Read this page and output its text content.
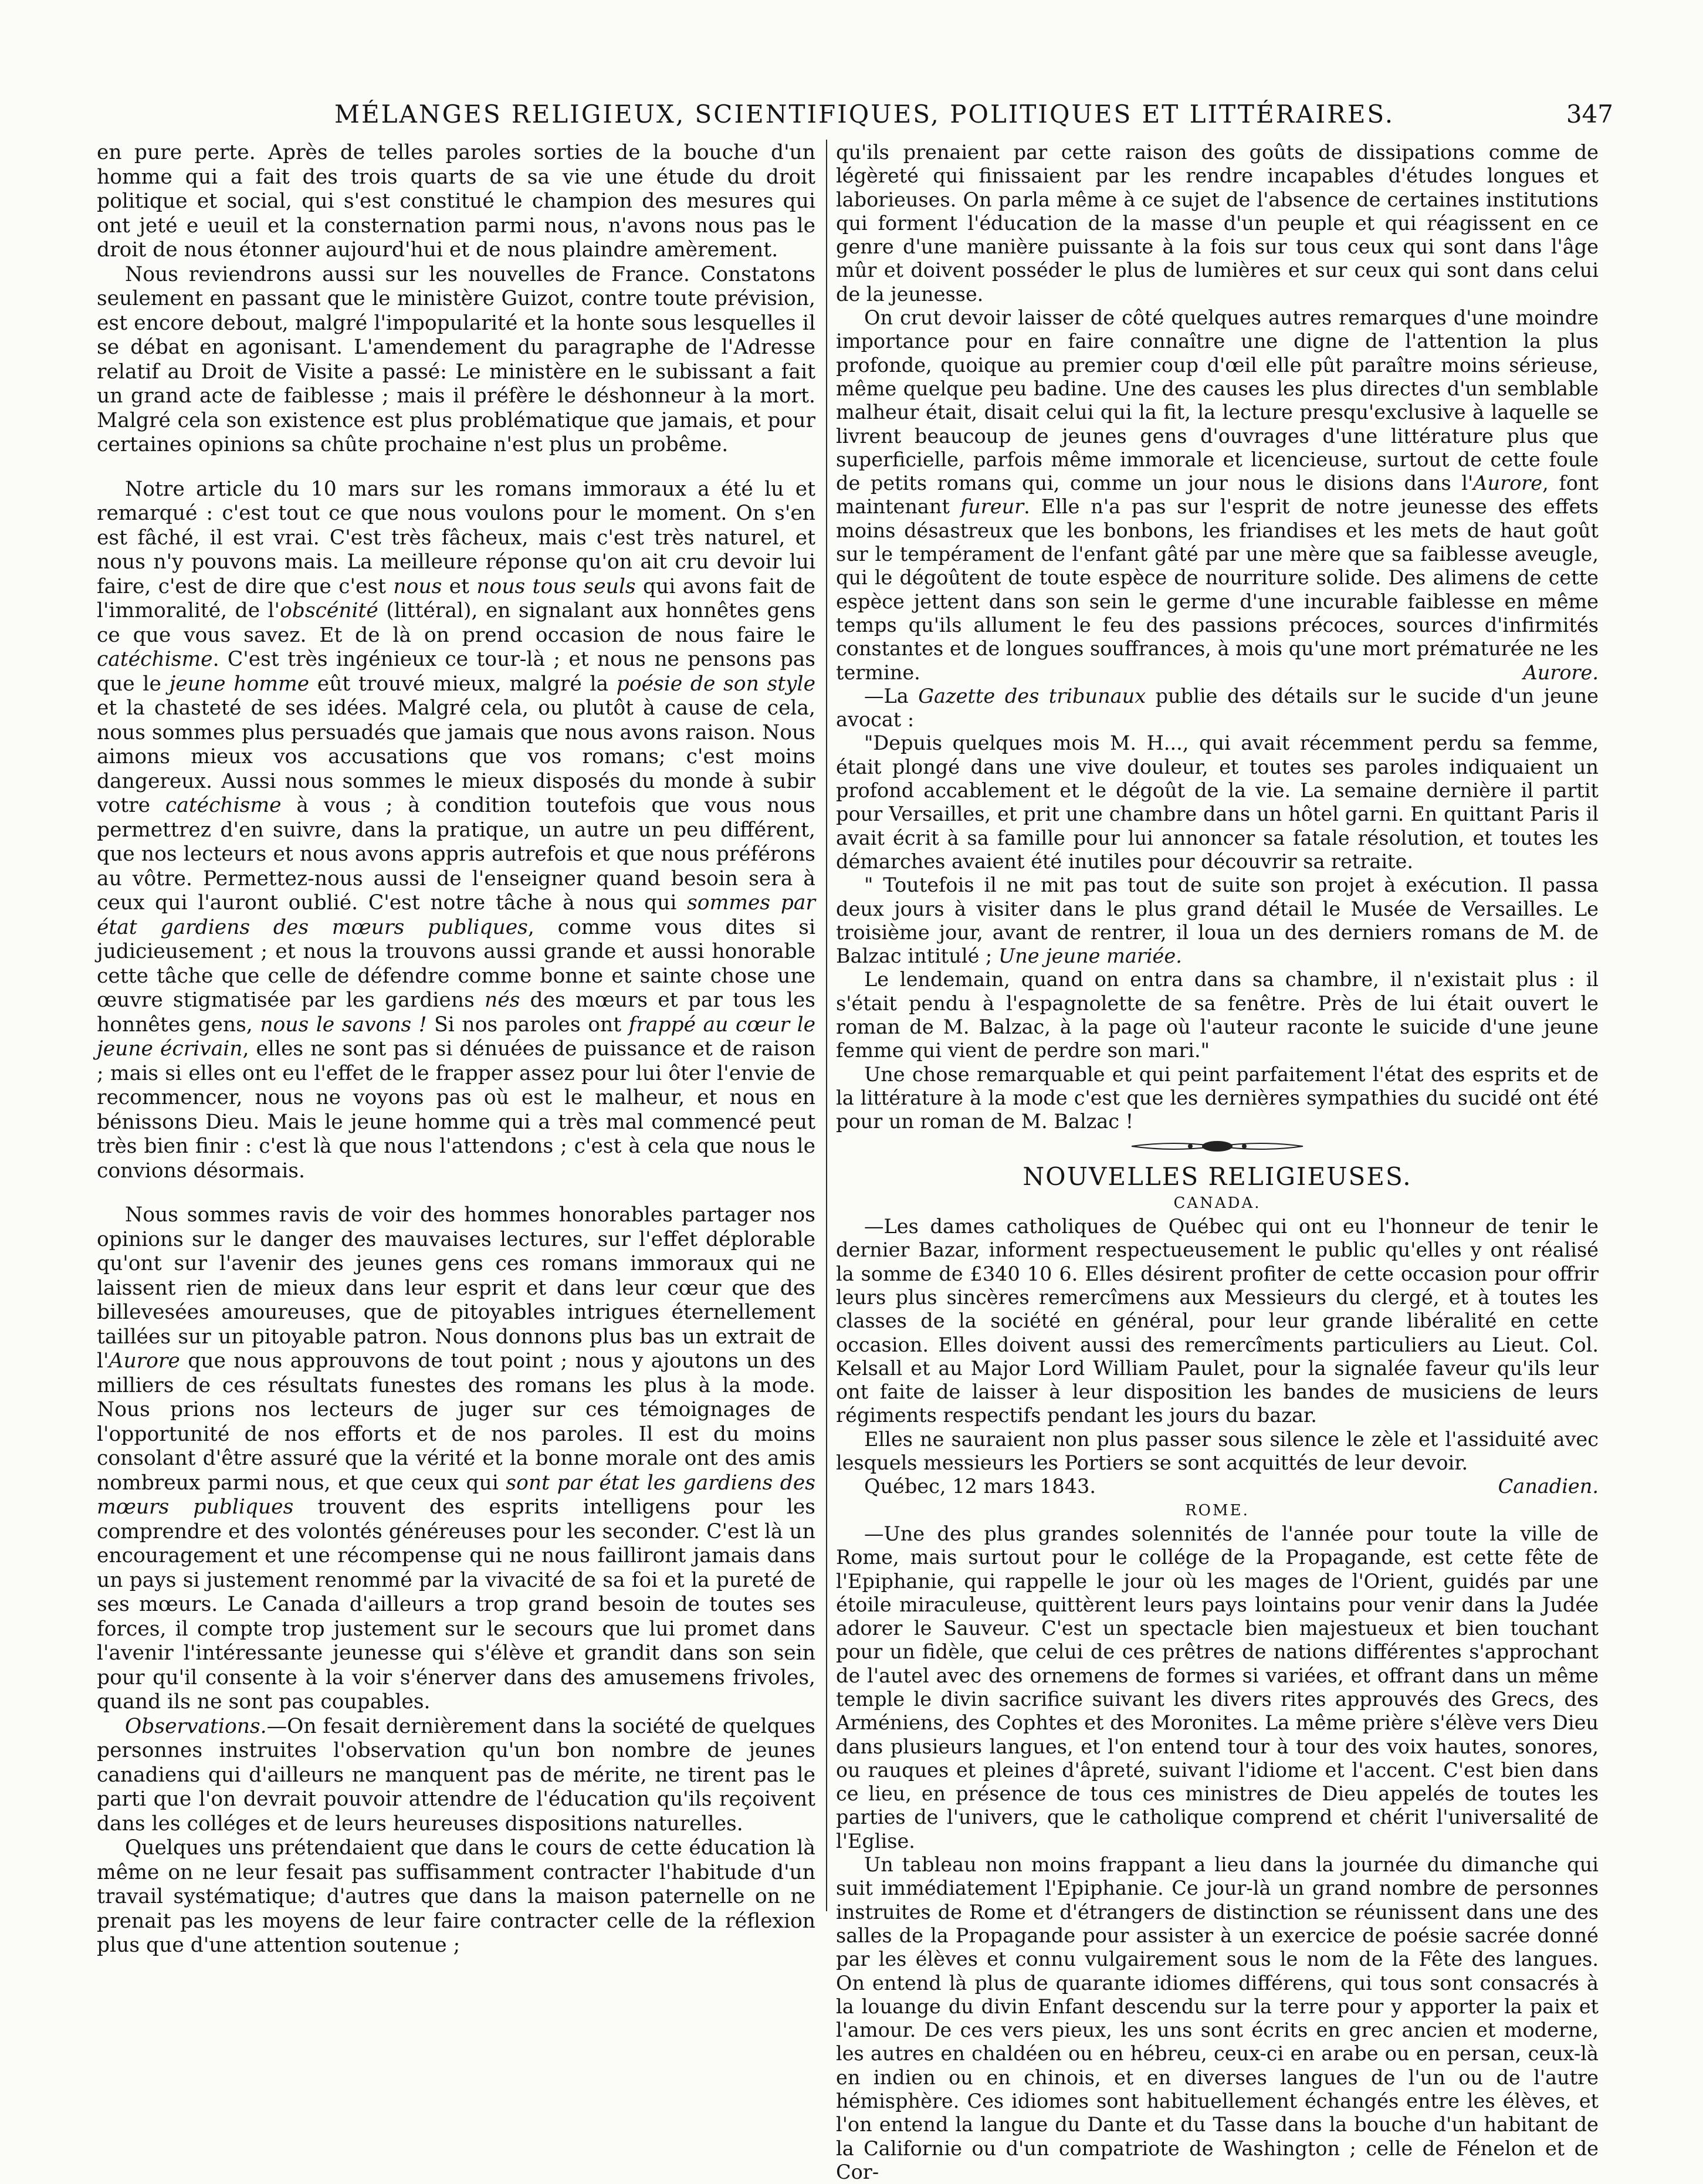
MÉLANGES RELIGIEUX, SCIENTIFIQUES, POLITIQUES ET LITTÉRAIRES.	347

en pure perte. Après de telles paroles sorties de la bouche d'un homme qui a fait des trois quarts de sa vie une étude du droit politique et social, qui s'est constitué le champion des mesures qui ont jeté e ueuil et la consternation parmi nous, n'avons nous pas le droit de nous étonner aujourd'hui et de nous plaindre amèrement.

Nous reviendrons aussi sur les nouvelles de France. Constatons seulement en passant que le ministère Guizot, contre toute prévision, est encore debout, malgré l'impopularité et la honte sous lesquelles il se débat en agonisant. L'amendement du paragraphe de l'Adresse relatif au Droit de Visite a passé: Le ministère en le subissant a fait un grand acte de faiblesse ; mais il préfère le déshonneur à la mort. Malgré cela son existence est plus problématique que jamais, et pour certaines opinions sa chûte prochaine n'est plus un probême.

Notre article du 10 mars sur les romans immoraux a été lu et remarqué : c'est tout ce que nous voulons pour le moment. On s'en est fâché, il est vrai. C'est très fâcheux, mais c'est très naturel, et nous n'y pouvons mais. La meilleure réponse qu'on ait cru devoir lui faire, c'est de dire que c'est nous et nous tous seuls qui avons fait de l'immoralité, de l'obscénité (littéral), en signalant aux honnêtes gens ce que vous savez. Et de là on prend occasion de nous faire le catéchisme. C'est très ingénieux ce tour-là ; et nous ne pensons pas que le jeune homme eût trouvé mieux, malgré la poésie de son style et la chasteté de ses idées. Malgré cela, ou plutôt à cause de cela, nous sommes plus persuadés que jamais que nous avons raison. Nous aimons mieux vos accusations que vos romans; c'est moins dangereux. Aussi nous sommes le mieux disposés du monde à subir votre catéchisme à vous ; à condition toutefois que vous nous permettrez d'en suivre, dans la pratique, un autre un peu différent, que nos lecteurs et nous avons appris autrefois et que nous préférons au vôtre. Permettez-nous aussi de l'enseigner quand besoin sera à ceux qui l'auront oublié. C'est notre tâche à nous qui sommes par état gardiens des mœurs publiques, comme vous dites si judicieusement ; et nous la trouvons aussi grande et aussi honorable cette tâche que celle de défendre comme bonne et sainte chose une œuvre stigmatisée par les gardiens nés des mœurs et par tous les honnêtes gens, nous le savons ! Si nos paroles ont frappé au cœur le jeune écrivain, elles ne sont pas si dénuées de puissance et de raison ; mais si elles ont eu l'effet de le frapper assez pour lui ôter l'envie de recommencer, nous ne voyons pas où est le malheur, et nous en bénissons Dieu. Mais le jeune homme qui a très mal commencé peut très bien finir : c'est là que nous l'attendons ; c'est à cela que nous le convions désormais.

Nous sommes ravis de voir des hommes honorables partager nos opinions sur le danger des mauvaises lectures, sur l'effet déplorable qu'ont sur l'avenir des jeunes gens ces romans immoraux qui ne laissent rien de mieux dans leur esprit et dans leur cœur que des billevesées amoureuses, que de pitoyables intrigues éternellement taillées sur un pitoyable patron. Nous donnons plus bas un extrait de l'Aurore que nous approuvons de tout point ; nous y ajoutons un des milliers de ces résultats funestes des romans les plus à la mode. Nous prions nos lecteurs de juger sur ces témoignages de l'opportunité de nos efforts et de nos paroles. Il est du moins consolant d'être assuré que la vérité et la bonne morale ont des amis nombreux parmi nous, et que ceux qui sont par état les gardiens des mœurs publiques trouvent des esprits intelligens pour les comprendre et des volontés généreuses pour les seconder. C'est là un encouragement et une récompense qui ne nous failliront jamais dans un pays si justement renommé par la vivacité de sa foi et la pureté de ses mœurs. Le Canada d'ailleurs a trop grand besoin de toutes ses forces, il compte trop justement sur le secours que lui promet dans l'avenir l'intéressante jeunesse qui s'élève et grandit dans son sein pour qu'il consente à la voir s'énerver dans des amusemens frivoles, quand ils ne sont pas coupables.

Observations.—On fesait dernièrement dans la société de quelques personnes instruites l'observation qu'un bon nombre de jeunes canadiens qui d'ailleurs ne manquent pas de mérite, ne tirent pas le parti que l'on devrait pouvoir attendre de l'éducation qu'ils reçoivent dans les colléges et de leurs heureuses dispositions naturelles.

Quelques uns prétendaient que dans le cours de cette éducation là même on ne leur fesait pas suffisamment contracter l'habitude d'un travail systématique; d'autres que dans la maison paternelle on ne prenait pas les moyens de leur faire contracter celle de la réflexion plus que d'une attention soutenue ;

qu'ils prenaient par cette raison des goûts de dissipations comme de légèreté qui finissaient par les rendre incapables d'études longues et laborieuses. On parla même à ce sujet de l'absence de certaines institutions qui forment l'éducation de la masse d'un peuple et qui réagissent en ce genre d'une manière puissante à la fois sur tous ceux qui sont dans l'âge mûr et doivent posséder le plus de lumières et sur ceux qui sont dans celui de la jeunesse.

On crut devoir laisser de côté quelques autres remarques d'une moindre importance pour en faire connaître une digne de l'attention la plus profonde, quoique au premier coup d'œil elle pût paraître moins sérieuse, même quelque peu badine. Une des causes les plus directes d'un semblable malheur était, disait celui qui la fit, la lecture presqu'exclusive à laquelle se livrent beaucoup de jeunes gens d'ouvrages d'une littérature plus que superficielle, parfois même immorale et licencieuse, surtout de cette foule de petits romans qui, comme un jour nous le disions dans l'Aurore, font maintenant fureur. Elle n'a pas sur l'esprit de notre jeunesse des effets moins désastreux que les bonbons, les friandises et les mets de haut goût sur le tempérament de l'enfant gâté par une mère que sa faiblesse aveugle, qui le dégoûtent de toute espèce de nourriture solide. Des alimens de cette espèce jettent dans son sein le germe d'une incurable faiblesse en même temps qu'ils allument le feu des passions précoces, sources d'infirmités constantes et de longues souffrances, à mois qu'une mort prématurée ne les termine.	Aurore.

—La Gazette des tribunaux publie des détails sur le sucide d'un jeune avocat :

"Depuis quelques mois M. H..., qui avait récemment perdu sa femme, était plongé dans une vive douleur, et toutes ses paroles indiquaient un profond accablement et le dégoût de la vie. La semaine dernière il partit pour Versailles, et prit une chambre dans un hôtel garni. En quittant Paris il avait écrit à sa famille pour lui annoncer sa fatale résolution, et toutes les démarches avaient été inutiles pour découvrir sa retraite.

" Toutefois il ne mit pas tout de suite son projet à exécution. Il passa deux jours à visiter dans le plus grand détail le Musée de Versailles. Le troisième jour, avant de rentrer, il loua un des derniers romans de M. de Balzac intitulé ; Une jeune mariée.

Le lendemain, quand on entra dans sa chambre, il n'existait plus : il s'était pendu à l'espagnolette de sa fenêtre. Près de lui était ouvert le roman de M. Balzac, à la page où l'auteur raconte le suicide d'une jeune femme qui vient de perdre son mari."

Une chose remarquable et qui peint parfaitement l'état des esprits et de la littérature à la mode c'est que les dernières sympathies du sucidé ont été pour un roman de M. Balzac !

NOUVELLES RELIGIEUSES.
CANADA.

—Les dames catholiques de Québec qui ont eu l'honneur de tenir le dernier Bazar, informent respectueusement le public qu'elles y ont réalisé la somme de £340 10 6. Elles désirent profiter de cette occasion pour offrir leurs plus sincères remercîmens aux Messieurs du clergé, et à toutes les classes de la société en général, pour leur grande libéralité en cette occasion. Elles doivent aussi des remercîments particuliers au Lieut. Col. Kelsall et au Major Lord William Paulet, pour la signalée faveur qu'ils leur ont faite de laisser à leur disposition les bandes de musiciens de leurs régiments respectifs pendant les jours du bazar.

Elles ne sauraient non plus passer sous silence le zèle et l'assiduité avec lesquels messieurs les Portiers se sont acquittés de leur devoir.

Québec, 12 mars 1843.	Canadien.
ROME.

—Une des plus grandes solennités de l'année pour toute la ville de Rome, mais surtout pour le collége de la Propagande, est cette fête de l'Epiphanie, qui rappelle le jour où les mages de l'Orient, guidés par une étoile miraculeuse, quittèrent leurs pays lointains pour venir dans la Judée adorer le Sauveur. C'est un spectacle bien majestueux et bien touchant pour un fidèle, que celui de ces prêtres de nations différentes s'approchant de l'autel avec des ornemens de formes si variées, et offrant dans un même temple le divin sacrifice suivant les divers rites approuvés des Grecs, des Arméniens, des Cophtes et des Moronites. La même prière s'élève vers Dieu dans plusieurs langues, et l'on entend tour à tour des voix hautes, sonores, ou rauques et pleines d'âpreté, suivant l'idiome et l'accent. C'est bien dans ce lieu, en présence de tous ces ministres de Dieu appelés de toutes les parties de l'univers, que le catholique comprend et chérit l'universalité de l'Eglise.

Un tableau non moins frappant a lieu dans la journée du dimanche qui suit immédiatement l'Epiphanie. Ce jour-là un grand nombre de personnes instruites de Rome et d'étrangers de distinction se réunissent dans une des salles de la Propagande pour assister à un exercice de poésie sacrée donné par les élèves et connu vulgairement sous le nom de la Fête des langues. On entend là plus de quarante idiomes différens, qui tous sont consacrés à la louange du divin Enfant descendu sur la terre pour y apporter la paix et l'amour. De ces vers pieux, les uns sont écrits en grec ancien et moderne, les autres en chaldéen ou en hébreu, ceux-ci en arabe ou en persan, ceux-là en indien ou en chinois, et en diverses langues de l'un ou de l'autre hémisphère. Ces idiomes sont habituellement échangés entre les élèves, et l'on entend la langue du Dante et du Tasse dans la bouche d'un habitant de la Californie ou d'un compatriote de Washington ; celle de Fénelon et de Cor-
